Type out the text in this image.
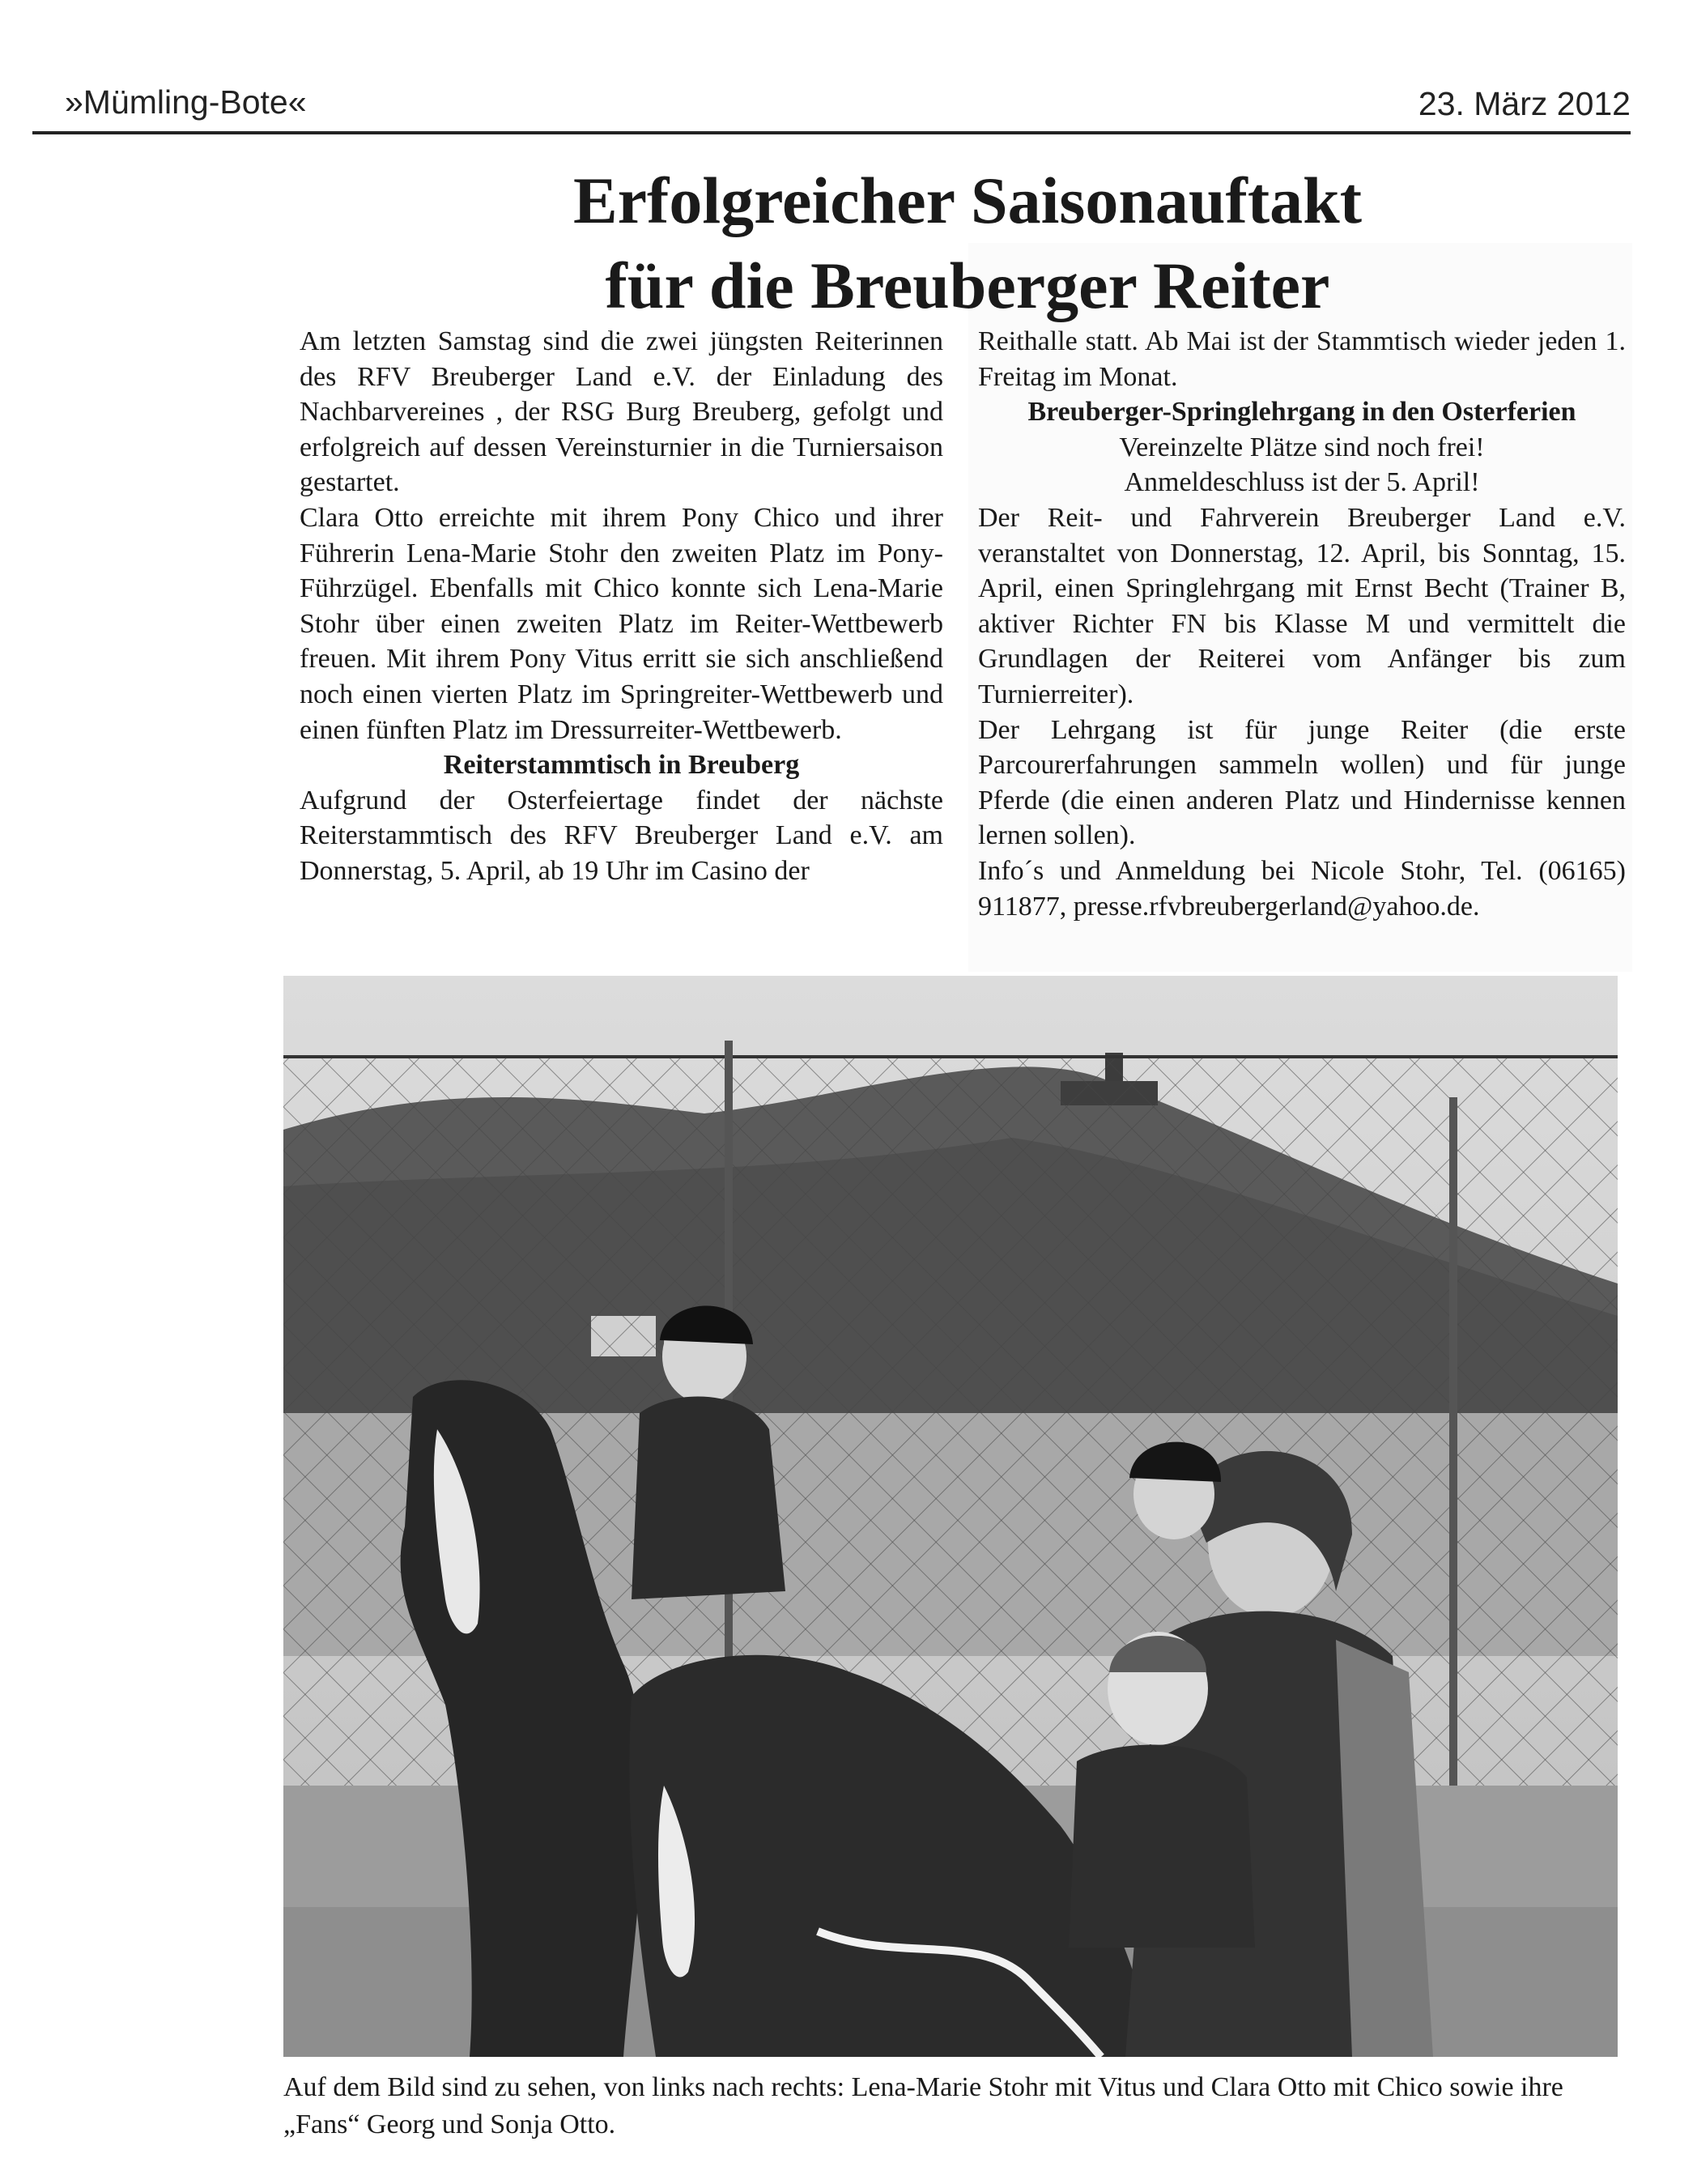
»Mümling-Bote«	23. März 2012
Erfolgreicher Saisonauftakt
für die Breuberger Reiter

Am letzten Samstag sind die zwei jüngsten Reiterinnen des RFV Breuberger Land e.V. der Einladung des Nachbarvereines , der RSG Burg Breuberg, gefolgt und erfolgreich auf dessen Vereinsturnier in die Turniersaison gestartet.

Clara Otto erreichte mit ihrem Pony Chico und ihrer Führerin Lena-Marie Stohr den zweiten Platz im Pony-Führzügel. Ebenfalls mit Chico konnte sich Lena-Marie Stohr über einen zweiten Platz im Reiter-Wettbewerb freuen. Mit ihrem Pony Vitus erritt sie sich anschließend noch einen vierten Platz im Springreiter-Wettbewerb und einen fünften Platz im Dressurreiter-Wettbewerb.

Reiterstammtisch in Breuberg

Aufgrund der Osterfeiertage findet der nächste Reiterstammtisch des RFV Breuberger Land e.V. am Donnerstag, 5. April, ab 19 Uhr im Casino der

Reithalle statt. Ab Mai ist der Stammtisch wieder jeden 1. Freitag im Monat.

Breuberger-Springlehrgang in den Osterferien

Vereinzelte Plätze sind noch frei!

Anmeldeschluss ist der 5. April!

Der Reit- und Fahrverein Breuberger Land e.V. veranstaltet von Donnerstag, 12. April, bis Sonntag, 15. April, einen Springlehrgang mit Ernst Becht (Trainer B, aktiver Richter FN bis Klasse M und vermittelt die Grundlagen der Reiterei vom Anfänger bis zum Turnierreiter).

Der Lehrgang ist für junge Reiter (die erste Parcourerfahrungen sammeln wollen) und für junge Pferde (die einen anderen Platz und Hindernisse kennen lernen sollen).

Info´s und Anmeldung bei Nicole Stohr, Tel. (06165) 911877, presse.rfvbreubergerland@yahoo.de.

Auf dem Bild sind zu sehen, von links nach rechts: Lena-Marie Stohr mit Vitus und Clara Otto mit Chico sowie ihre „Fans“ Georg und Sonja Otto.
